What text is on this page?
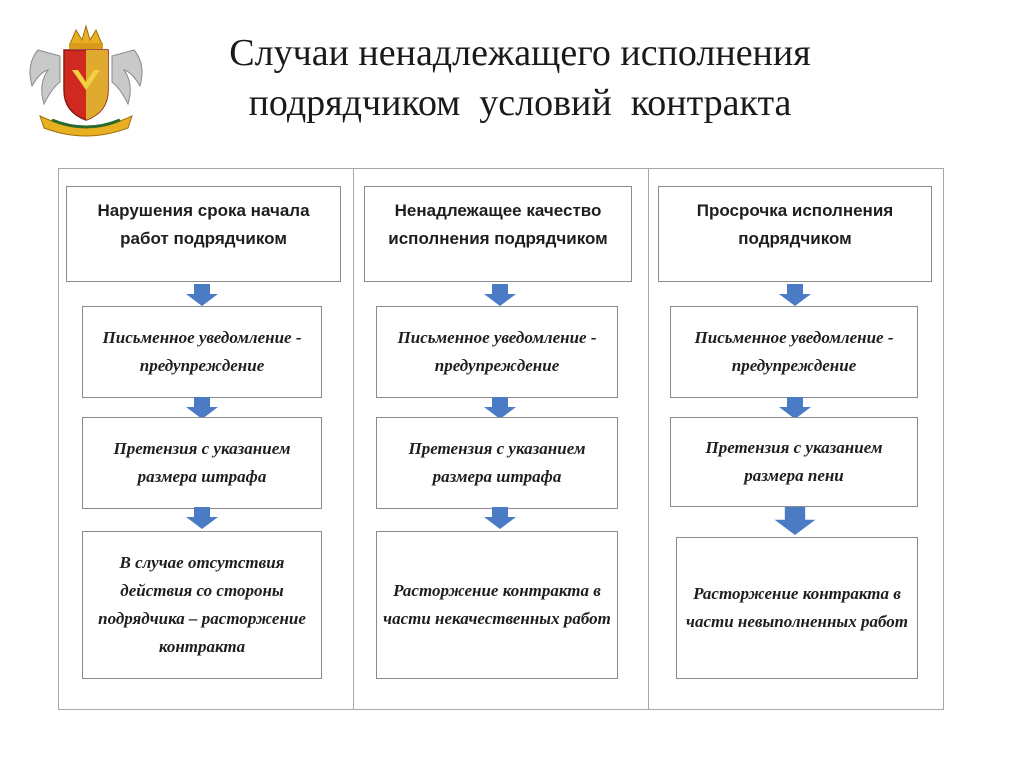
Случаи ненадлежащего исполнения
подрядчиком  условий  контракта
Нарушения срока начала работ подрядчиком
Письменное уведомление - предупреждение
Претензия с указанием размера штрафа
В случае отсутствия действия со стороны подрядчика – расторжение контракта
Ненадлежащее качество исполнения подрядчиком
Письменное уведомление - предупреждение
Претензия с указанием размера штрафа
Расторжение контракта в части некачественных работ
Просрочка исполнения подрядчиком
Письменное уведомление - предупреждение
Претензия с указанием размера пени
Расторжение контракта в части невыполненных работ
